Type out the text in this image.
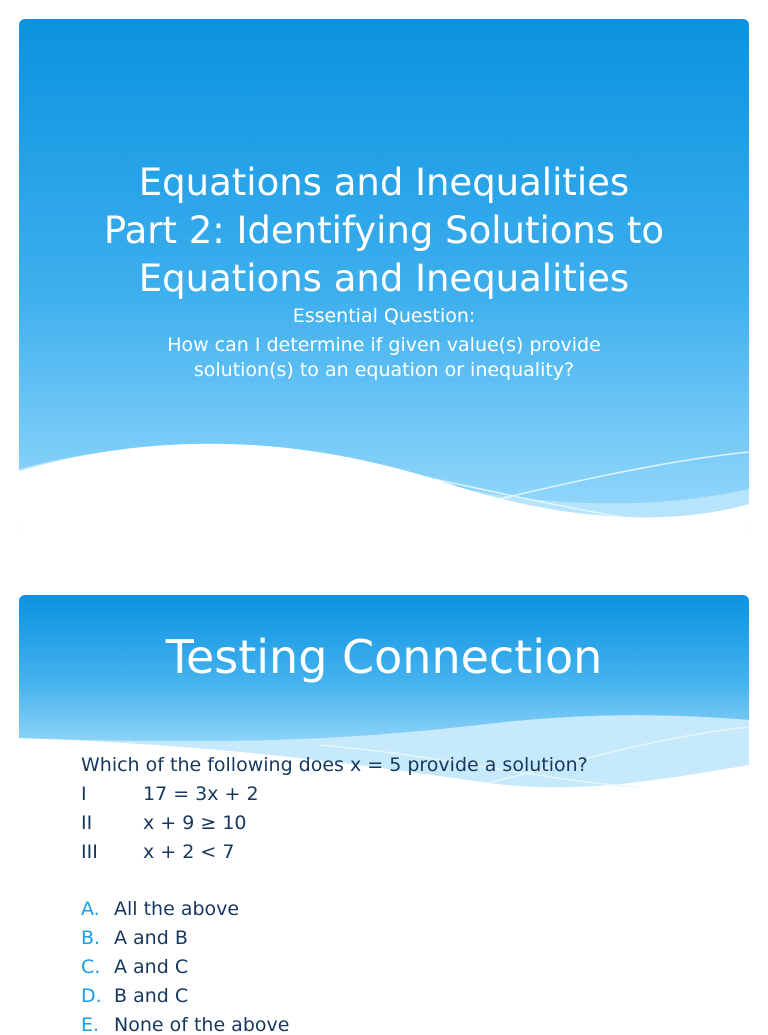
Equations and Inequalities
Part 2: Identifying Solutions to
Equations and Inequalities
Essential Question:
How can I determine if given value(s) provide
solution(s) to an equation or inequality?
Testing Connection
Which of the following does x = 5 provide a solution?
I	17 = 3x + 2
II	x + 9 ≥ 10
III x + 2 < 7
A. All the above
B. A and B
C. A and C
D. B and C
E. None of the above
